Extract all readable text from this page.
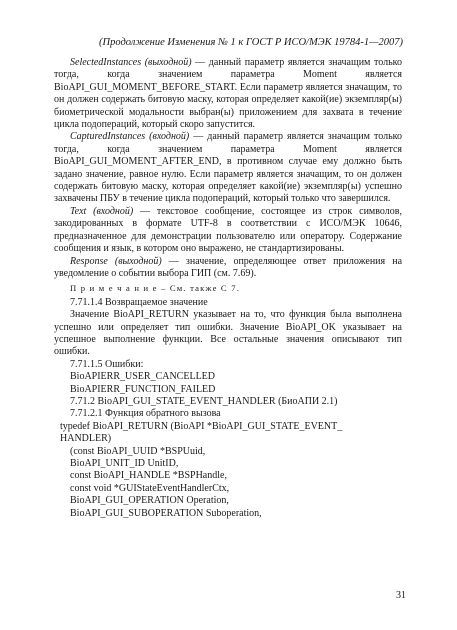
(Продолжение Изменения № 1 к ГОСТ Р ИСО/МЭК 19784-1—2007)

SelectedInstances (выходной) — данный параметр является значащим только тогда, когда значением параметра Moment является BioAPI_GUI_MOMENT_BEFORE_START. Если параметр является значащим, то он должен содержать битовую маску, которая определяет какой(ие) экземпляр(ы) биометрической модальности выбран(ы) приложением для захвата в течение цикла подопераций, который скоро запустится.

CapturedInstances (входной) — данный параметр является значащим только тогда, когда значением параметра Moment является BioAPI_GUI_MOMENT_AFTER_END, в противном случае ему должно быть задано значение, равное нулю. Если параметр является значащим, то он должен содержать битовую маску, которая определяет какой(ие) экземпляр(ы) успешно захвачены ПБУ в течение цикла подопераций, который только что завершился.

Text (входной) — текстовое сообщение, состоящее из строк символов, закодированных в формате UTF-8 в соответствии с ИСО/МЭК 10646, предназначенное для демонстрации пользователю или оператору. Содержание сообщения и язык, в котором оно выражено, не стандартизированы.

Response (выходной) — значение, определяющее ответ приложения на уведомление о событии выбора ГИП (см. 7.69).

П р и м е ч а н и е – См. также С 7.

7.71.1.4 Возвращаемое значение

Значение BioAPI_RETURN указывает на то, что функция была выполнена успешно или определяет тип ошибки. Значение BioAPI_OK указывает на успешное выполнение функции. Все остальные значения описывают тип ошибки.

7.71.1.5 Ошибки:
BioAPIERR_USER_CANCELLED
BioAPIERR_FUNCTION_FAILED
7.71.2 BioAPI_GUI_STATE_EVENT_HANDLER (БиоАПИ 2.1)
7.71.2.1 Функция обратного вызова
typedef BioAPI_RETURN (BioAPI *BioAPI_GUI_STATE_EVENT_
HANDLER)
(const BioAPI_UUID *BSPUuid,
BioAPI_UNIT_ID UnitID,
const BioAPI_HANDLE *BSPHandle,
const void *GUIStateEventHandlerCtx,
BioAPI_GUI_OPERATION Operation,
BioAPI_GUI_SUBOPERATION Suboperation,
31
